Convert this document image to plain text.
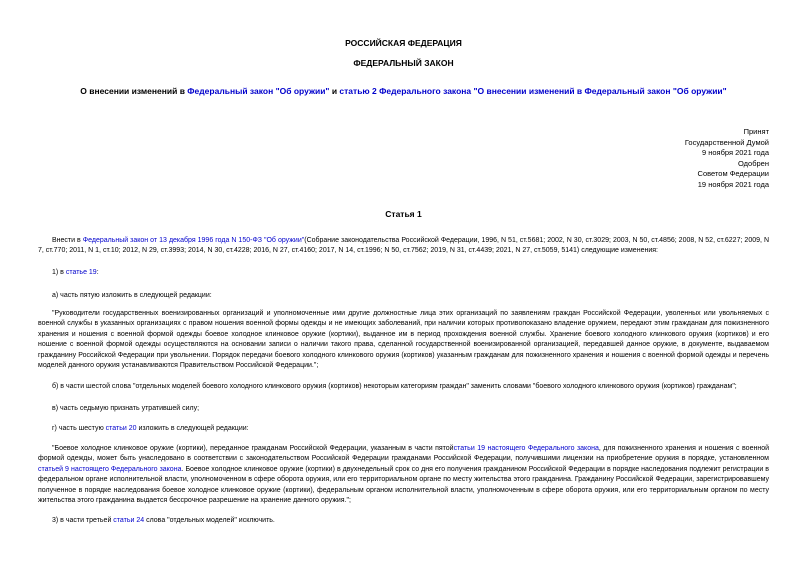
РОССИЙСКАЯ ФЕДЕРАЦИЯ
ФЕДЕРАЛЬНЫЙ ЗАКОН
О внесении изменений в Федеральный закон "Об оружии" и статью 2 Федерального закона "О внесении изменений в Федеральный закон "Об оружии"
Принят
Государственной Думой
9 ноября 2021 года
Одобрен
Советом Федерации
19 ноября 2021 года
Статья 1
Внести в Федеральный закон от 13 декабря 1996 года N 150-ФЗ "Об оружии"(Собрание законодательства Российской Федерации, 1996, N 51, ст.5681; 2002, N 30, ст.3029; 2003, N 50, ст.4856; 2008, N 52, ст.6227; 2009, N 7, ст.770; 2011, N 1, ст.10; 2012, N 29, ст.3993; 2014, N 30, ст.4228; 2016, N 27, ст.4160; 2017, N 14, ст.1996; N 50, ст.7562; 2019, N 31, ст.4439; 2021, N 27, ст.5059, 5141) следующие изменения:
1) в статье 19:
а) часть пятую изложить в следующей редакции:
"Руководители государственных военизированных организаций и уполномоченные ими другие должностные лица этих организаций по заявлениям граждан Российской Федерации, уволенных или увольняемых с военной службы в указанных организациях с правом ношения военной формы одежды и не имеющих заболеваний, при наличии которых противопоказано владение оружием, передают этим гражданам для пожизненного хранения и ношения с военной формой одежды боевое холодное клинковое оружие (кортики), выданное им в период прохождения военной службы. Хранение боевого холодного клинкового оружия (кортиков) и его ношение с военной формой одежды осуществляются на основании записи о наличии такого права, сделанной государственной военизированной организацией, передавшей данное оружие, в документе, выдаваемом гражданину Российской Федерации при увольнении. Порядок передачи боевого холодного клинкового оружия (кортиков) указанным гражданам для пожизненного хранения и ношения с военной формой одежды и перечень моделей данного оружия устанавливаются Правительством Российской Федерации.";
б) в части шестой слова "отдельных моделей боевого холодного клинкового оружия (кортиков) некоторым категориям граждан" заменить словами "боевого холодного клинкового оружия (кортиков) гражданам";
в) часть седьмую признать утратившей силу;
г) часть шестую статьи 20 изложить в следующей редакции:
"Боевое холодное клинковое оружие (кортики), переданное гражданам Российской Федерации, указанным в части пятойстатьи 19 настоящего Федерального закона, для пожизненного хранения и ношения с военной формой одежды, может быть унаследовано в соответствии с законодательством Российской Федерации гражданами Российской Федерации, получившими лицензии на приобретение оружия в порядке, установленном статьей 9 настоящего Федерального закона. Боевое холодное клинковое оружие (кортики) в двухнедельный срок со дня его получения гражданином Российской Федерации в порядке наследования подлежит регистрации в федеральном органе исполнительной власти, уполномоченном в сфере оборота оружия, или его территориальном органе по месту жительства этого гражданина. Гражданину Российской Федерации, зарегистрировавшему полученное в порядке наследования боевое холодное клинковое оружие (кортики), федеральным органом исполнительной власти, уполномоченным в сфере оборота оружия, или его территориальным органом по месту жительства этого гражданина выдается бессрочное разрешение на хранение данного оружия.";
3) в части третьей статьи 24 слова "отдельных моделей" исключить.
